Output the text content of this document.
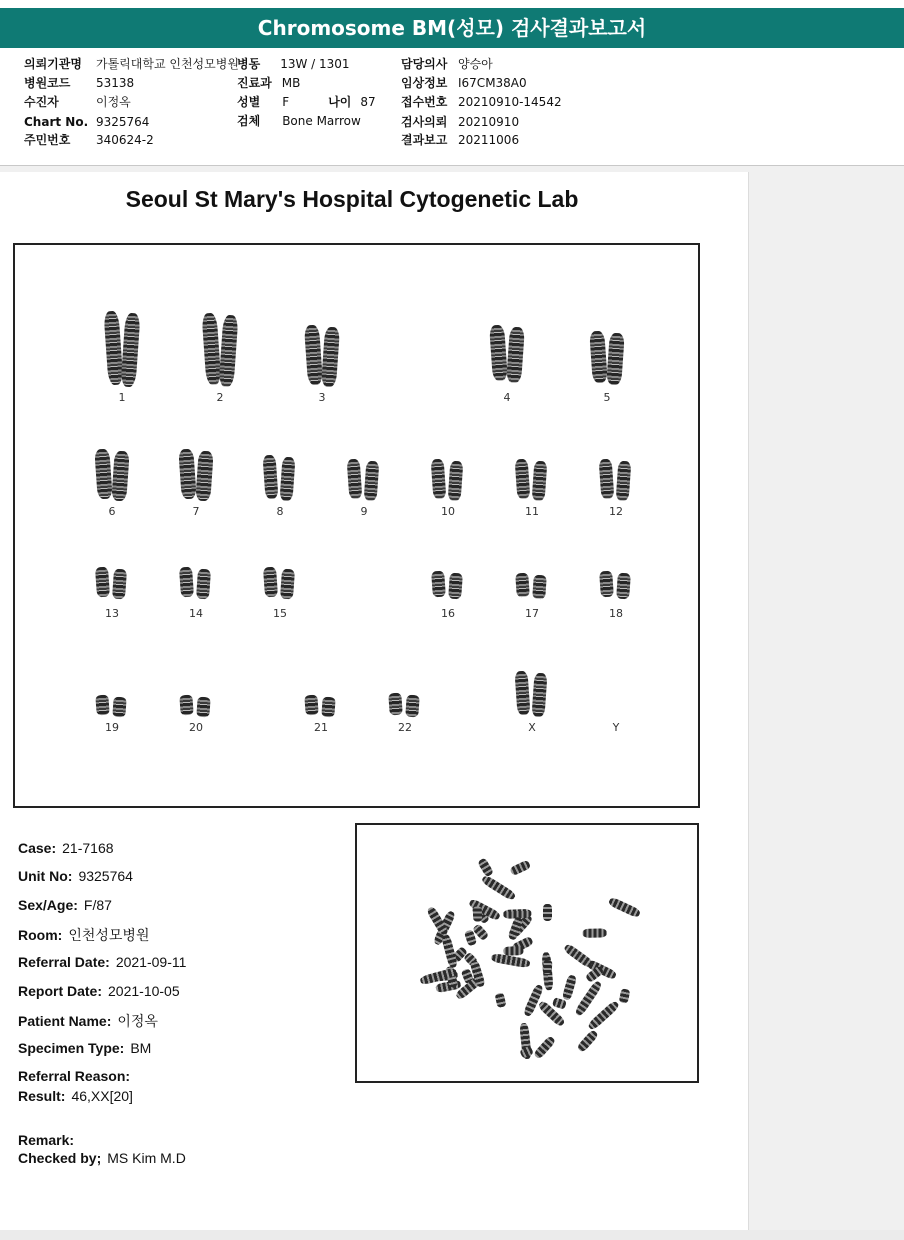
Chromosome BM(성모) 검사결과보고서
의뢰기관명 가톨릭대학교 인천성모병원
병원코드 53138
수진자	이정옥
Chart No. 9325764
주민번호 340624-2
병동 13W / 1301
진료과 MB
성별 F	나이 87
검체 Bone Marrow
담당의사 양승아
임상정보 I67CM38A0
접수번호 20210910-14542
검사의뢰 20210910
결과보고 20211006
Seoul St Mary's Hospital Cytogenetic Lab
1	2	3	4	5
6	7	8	9	10	11	12
13	14	15	16	17	18
19	20	21	22	X	Y
Case: 21-7168
Unit No: 9325764
Sex/Age: F/87
Room: 인천성모병원
Referral Date: 2021-09-11
Report Date: 2021-10-05
Patient Name: 이정옥
Specimen Type: BM
Referral Reason:
Result: 46,XX[20]
Remark:
Checked by; MS Kim M.D
